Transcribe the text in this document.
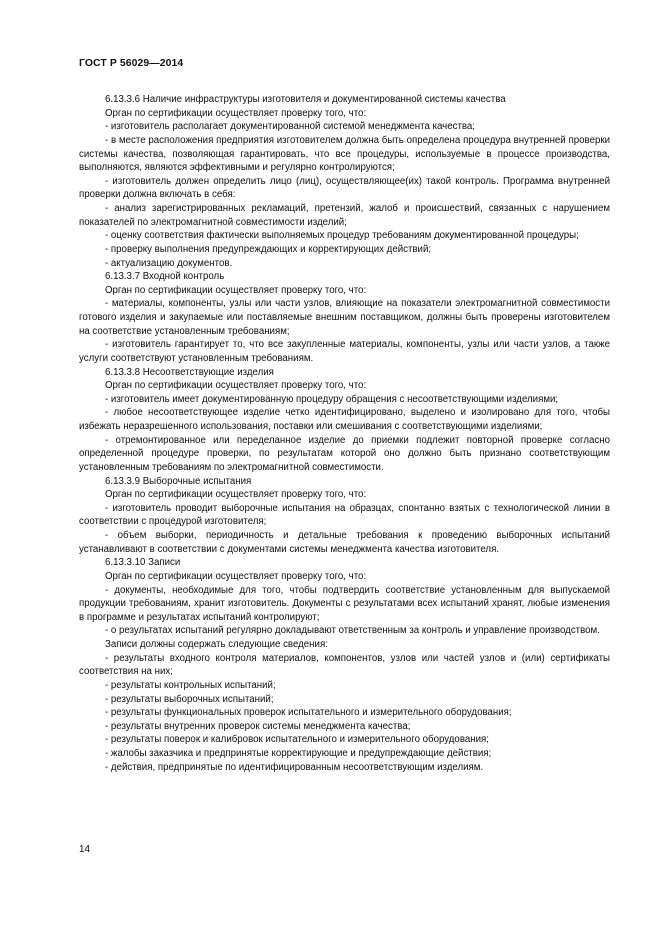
ГОСТ Р 56029—2014

6.13.3.6 Наличие инфраструктуры изготовителя и документированной системы качества

Орган по сертификации осуществляет проверку того, что:

- изготовитель располагает документированной системой менеджмента качества;

- в месте расположения предприятия изготовителем должна быть определена процедура внутренней проверки системы качества, позволяющая гарантировать, что все процедуры, используемые в процессе производства, выполняются, являются эффективными и регулярно контролируются;

- изготовитель должен определить лицо (лиц), осуществляющее(их) такой контроль. Программа внутренней проверки должна включать в себя:

- анализ зарегистрированных рекламаций, претензий, жалоб и происшествий, связанных с нарушением показателей по электромагнитной совместимости изделий;

- оценку соответствия фактически выполняемых процедур требованиям документированной процедуры;

- проверку выполнения предупреждающих и корректирующих действий;

- актуализацию документов.

6.13.3.7 Входной контроль

Орган по сертификации осуществляет проверку того, что:

- материалы, компоненты, узлы или части узлов, влияющие на показатели электромагнитной совместимости готового изделия и закупаемые или поставляемые внешним поставщиком, должны быть проверены изготовителем на соответствие установленным требованиям;

- изготовитель гарантирует то, что все закупленные материалы, компоненты, узлы или части узлов, а также услуги соответствуют установленным требованиям.

6.13.3.8 Несоответствующие изделия

Орган по сертификации осуществляет проверку того, что:

- изготовитель имеет документированную процедуру обращения с несоответствующими изделиями;

- любое несоответствующее изделие четко идентифицировано, выделено и изолировано для того, чтобы избежать неразрешенного использования, поставки или смешивания с соответствующими изделиями;

- отремонтированное или переделанное изделие до приемки подлежит повторной проверке согласно определенной процедуре проверки, по результатам которой оно должно быть признано соответствующим установленным требованиям по электромагнитной совместимости.

6.13.3.9 Выборочные испытания

Орган по сертификации осуществляет проверку того, что:

- изготовитель проводит выборочные испытания на образцах, спонтанно взятых с технологической линии в соответствии с процедурой изготовителя;

- объем выборки, периодичность и детальные требования к проведению выборочных испытаний устанавливают в соответствии с документами системы менеджмента качества изготовителя.

6.13.3.10 Записи

Орган по сертификации осуществляет проверку того, что:

- документы, необходимые для того, чтобы подтвердить соответствие установленным для выпускаемой продукции требованиям, хранит изготовитель. Документы с результатами всех испытаний хранят, любые изменения в программе и результатах испытаний контролируют;

- о результатах испытаний регулярно докладывают ответственным за контроль и управление производством.

Записи должны содержать следующие сведения:

- результаты входного контроля материалов, компонентов, узлов или частей узлов и (или) сертификаты соответствия на них;

- результаты контрольных испытаний;

- результаты выборочных испытаний;

- результаты функциональных проверок испытательного и измерительного оборудования;

- результаты внутренних проверок системы менеджмента качества;

- результаты поверок и калибровок испытательного и измерительного оборудования;

- жалобы заказчика и предпринятые корректирующие и предупреждающие действия;

- действия, предпринятые по идентифицированным несоответствующим изделиям.

14
